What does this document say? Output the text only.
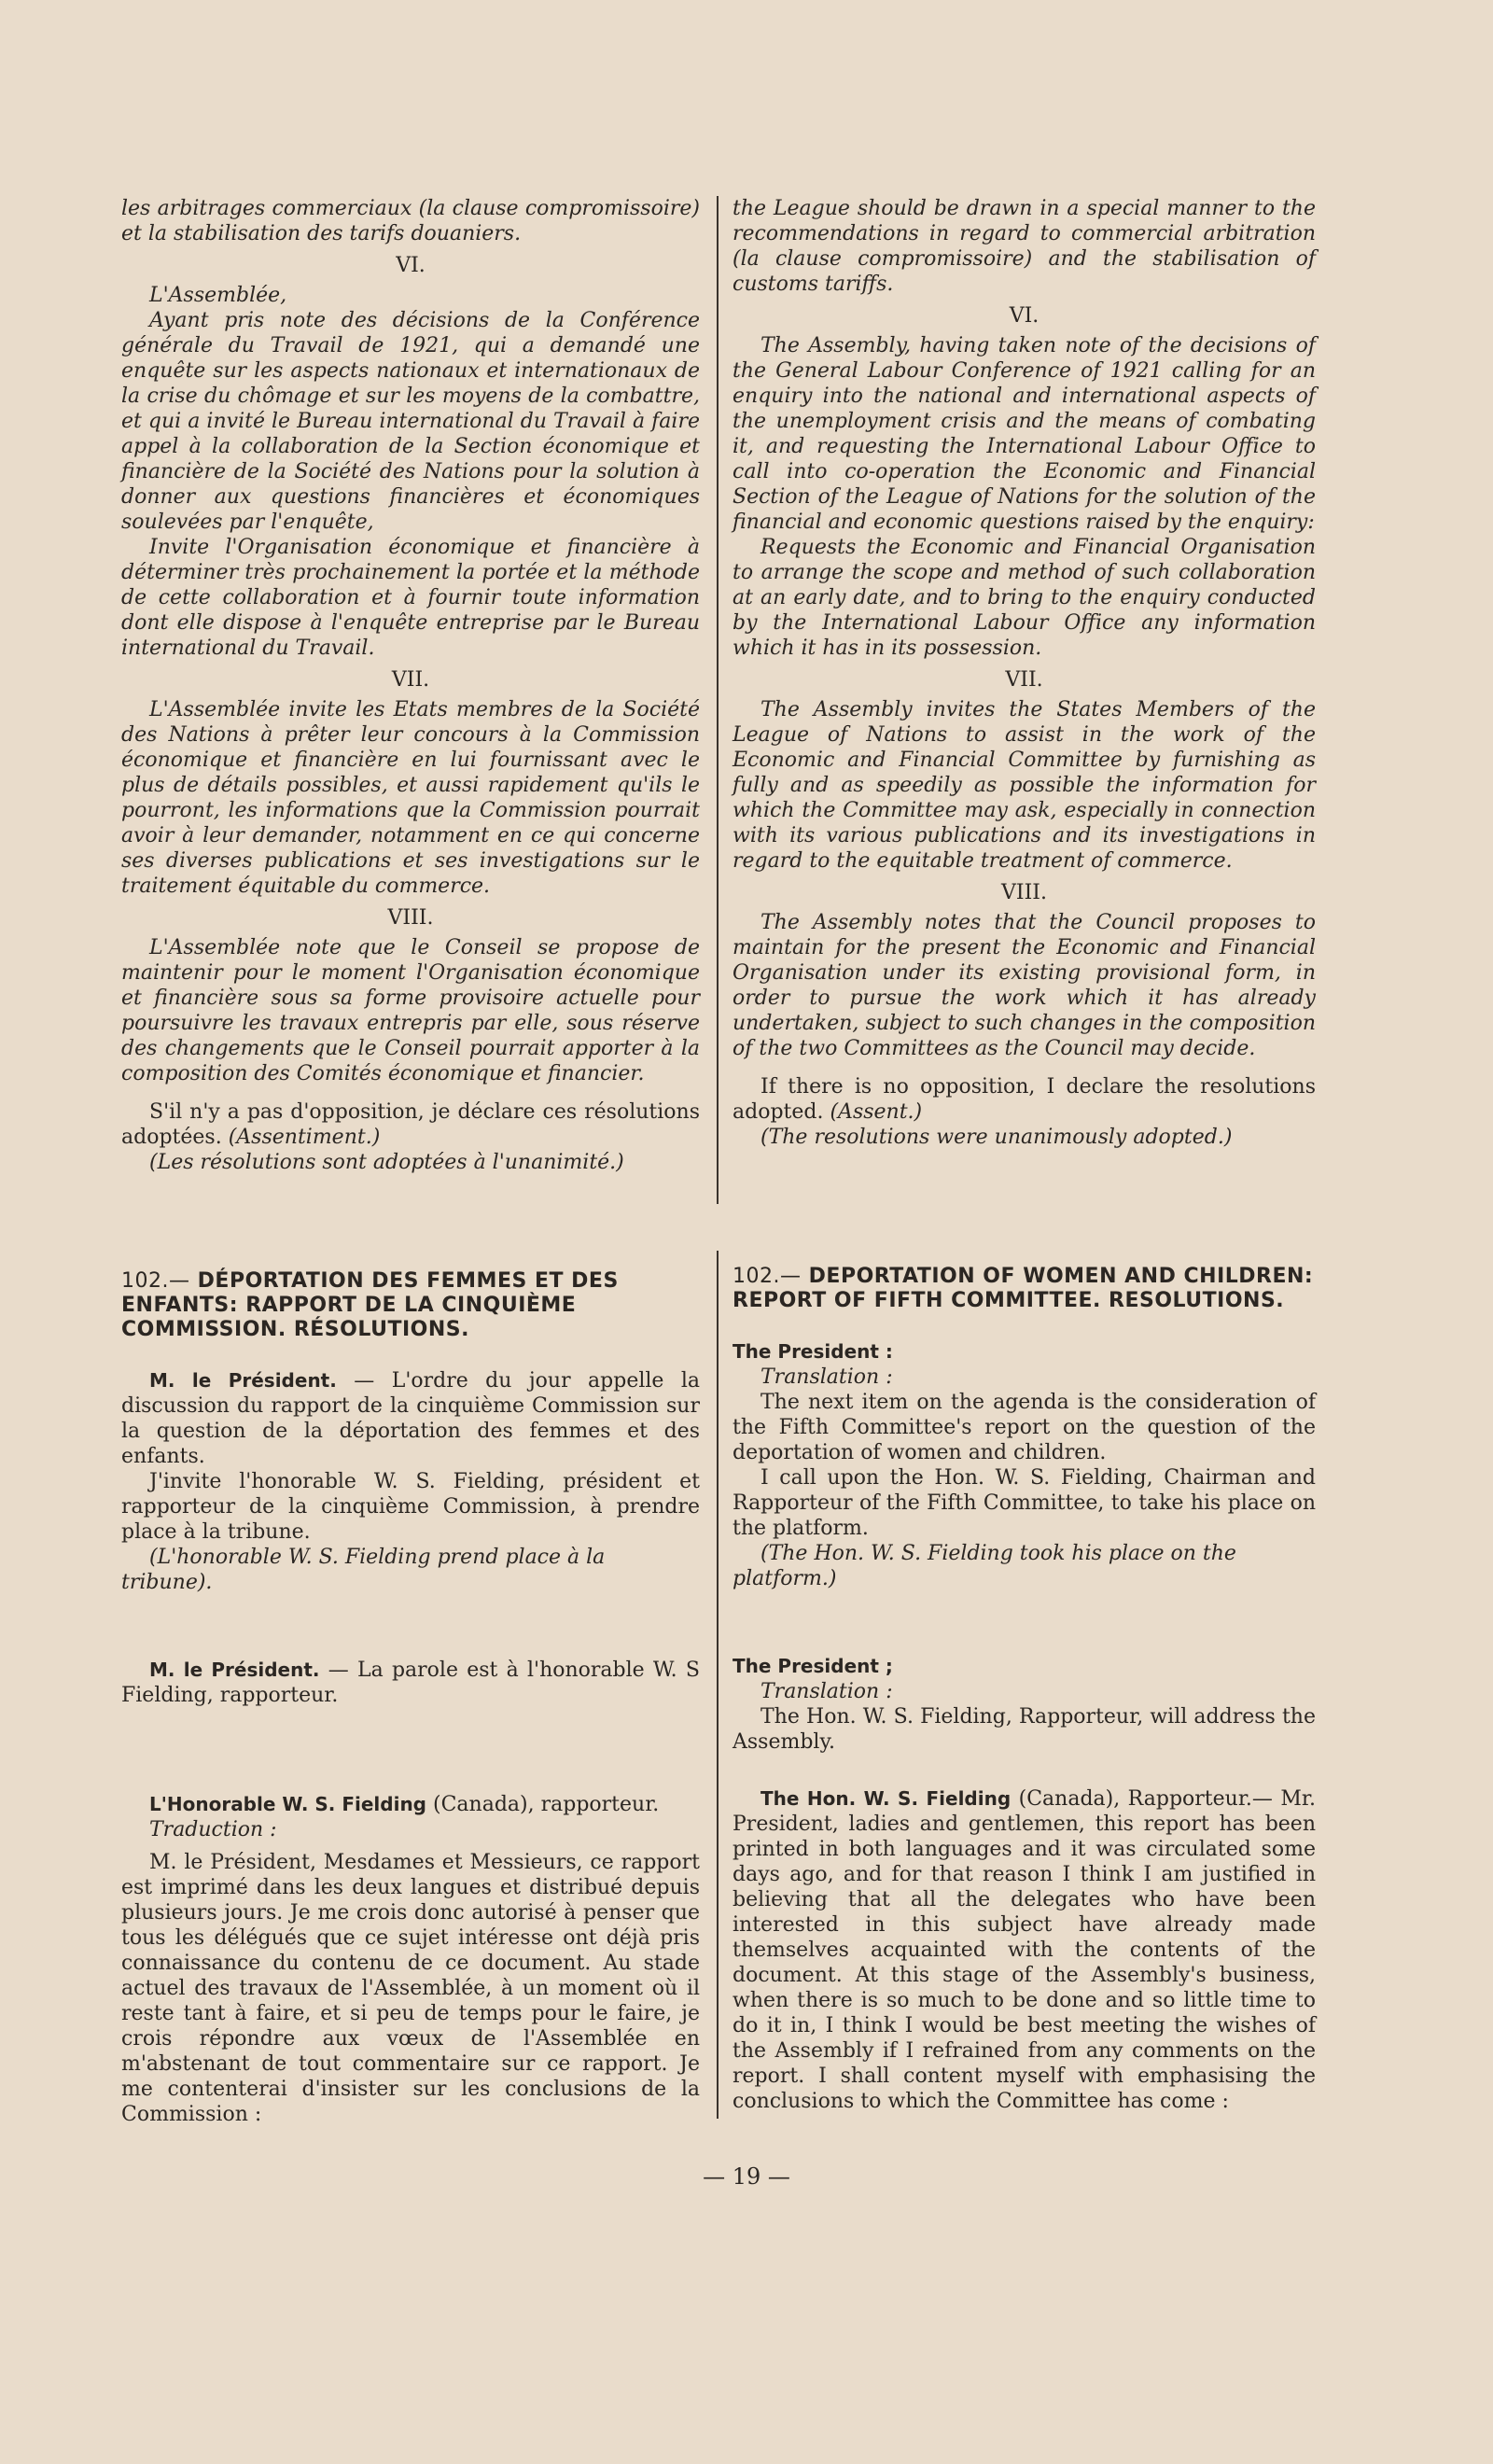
les arbitrages commerciaux (la clause compromissoire) et la stabilisation des tarifs douaniers.

VI.

L'Assemblée,

Ayant pris note des décisions de la Conférence générale du Travail de 1921, qui a demandé une enquête sur les aspects nationaux et internationaux de la crise du chômage et sur les moyens de la combattre, et qui a invité le Bureau international du Travail à faire appel à la collaboration de la Section économique et financière de la Société des Nations pour la solution à donner aux questions financières et économiques soulevées par l'enquête,

Invite l'Organisation économique et financière à déterminer très prochainement la portée et la méthode de cette collaboration et à fournir toute information dont elle dispose à l'enquête entreprise par le Bureau international du Travail.

VII.

L'Assemblée invite les Etats membres de la Société des Nations à prêter leur concours à la Commission économique et financière en lui fournissant avec le plus de détails possibles, et aussi rapidement qu'ils le pourront, les informations que la Commission pourrait avoir à leur demander, notamment en ce qui concerne ses diverses publications et ses investigations sur le traitement équitable du commerce.

VIII.

L'Assemblée note que le Conseil se propose de maintenir pour le moment l'Organisation économique et financière sous sa forme provisoire actuelle pour poursuivre les travaux entrepris par elle, sous réserve des changements que le Conseil pourrait apporter à la composition des Comités économique et financier.

S'il n'y a pas d'opposition, je déclare ces résolutions adoptées. (Assentiment.)

(Les résolutions sont adoptées à l'unanimité.)

the League should be drawn in a special manner to the recommendations in regard to commercial arbitration (la clause compromissoire) and the stabilisation of customs tariffs.

VI.

The Assembly, having taken note of the decisions of the General Labour Conference of 1921 calling for an enquiry into the national and international aspects of the unemployment crisis and the means of combating it, and requesting the International Labour Office to call into co-operation the Economic and Financial Section of the League of Nations for the solution of the financial and economic questions raised by the enquiry:

Requests the Economic and Financial Organisation to arrange the scope and method of such collaboration at an early date, and to bring to the enquiry conducted by the International Labour Office any information which it has in its possession.

VII.

The Assembly invites the States Members of the League of Nations to assist in the work of the Economic and Financial Committee by furnishing as fully and as speedily as possible the information for which the Committee may ask, especially in connection with its various publications and its investigations in regard to the equitable treatment of commerce.

VIII.

The Assembly notes that the Council proposes to maintain for the present the Economic and Financial Organisation under its existing provisional form, in order to pursue the work which it has already undertaken, subject to such changes in the composition of the two Committees as the Council may decide.

If there is no opposition, I declare the resolutions adopted. (Assent.)

(The resolutions were unanimously adopted.)

102.— DÉPORTATION DES FEMMES ET DES ENFANTS: RAPPORT DE LA CINQUIÈME COMMISSION. RÉSOLUTIONS.

M. le Président. — L'ordre du jour appelle la discussion du rapport de la cinquième Commission sur la question de la déportation des femmes et des enfants.

J'invite l'honorable W. S. Fielding, président et rapporteur de la cinquième Commission, à prendre place à la tribune.

(L'honorable W. S. Fielding prend place à la tribune).

M. le Président. — La parole est à l'honorable W. S Fielding, rapporteur.

L'Honorable W. S. Fielding (Canada), rapporteur.

Traduction :

M. le Président, Mesdames et Messieurs, ce rapport est imprimé dans les deux langues et distribué depuis plusieurs jours. Je me crois donc autorisé à penser que tous les délégués que ce sujet intéresse ont déjà pris connaissance du contenu de ce document. Au stade actuel des travaux de l'Assemblée, à un moment où il reste tant à faire, et si peu de temps pour le faire, je crois répondre aux vœux de l'Assemblée en m'abstenant de tout commentaire sur ce rapport. Je me contenterai d'insister sur les conclusions de la Commission :

102.— DEPORTATION OF WOMEN AND CHILDREN: REPORT OF FIFTH COMMITTEE. RESOLUTIONS.

The President :

Translation :

The next item on the agenda is the consideration of the Fifth Committee's report on the question of the deportation of women and children.

I call upon the Hon. W. S. Fielding, Chairman and Rapporteur of the Fifth Committee, to take his place on the platform.

(The Hon. W. S. Fielding took his place on the platform.)

The President ;

Translation :

The Hon. W. S. Fielding, Rapporteur, will address the Assembly.

The Hon. W. S. Fielding (Canada), Rapporteur.— Mr. President, ladies and gentlemen, this report has been printed in both languages and it was circulated some days ago, and for that reason I think I am justified in believing that all the delegates who have been interested in this subject have already made themselves acquainted with the contents of the document. At this stage of the Assembly's business, when there is so much to be done and so little time to do it in, I think I would be best meeting the wishes of the Assembly if I refrained from any comments on the report. I shall content myself with emphasising the conclusions to which the Committee has come :

— 19 —
